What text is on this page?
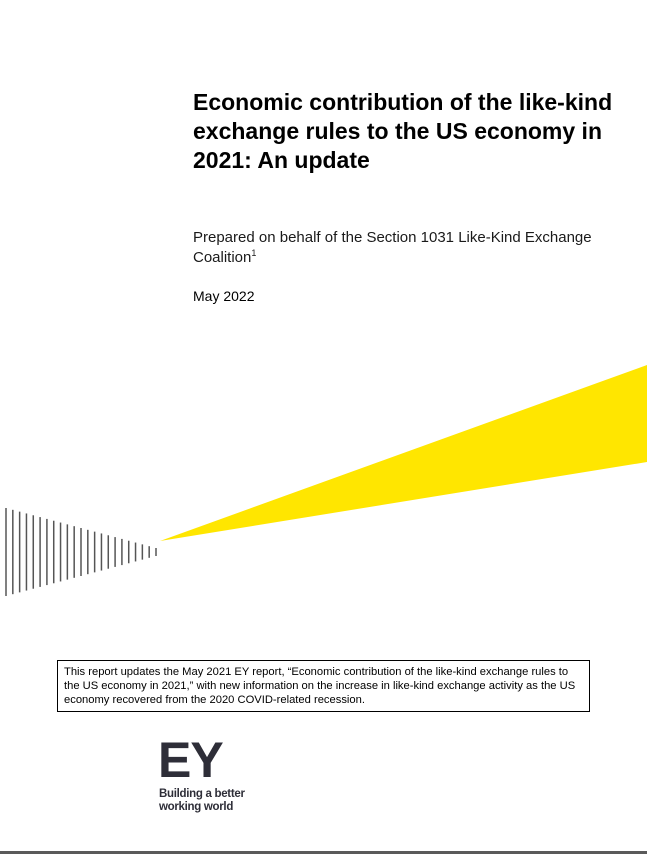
Economic contribution of the like-kind exchange rules to the US economy in 2021: An update

Prepared on behalf of the Section 1031 Like-Kind Exchange Coalition$^1$

May 2022
This report updates the May 2021 EY report, “Economic contribution of the like-kind exchange rules to the US economy in 2021,” with new information on the increase in like-kind exchange activity as the US economy recovered from the 2020 COVID-related recession.
EY
Building a better
working world
